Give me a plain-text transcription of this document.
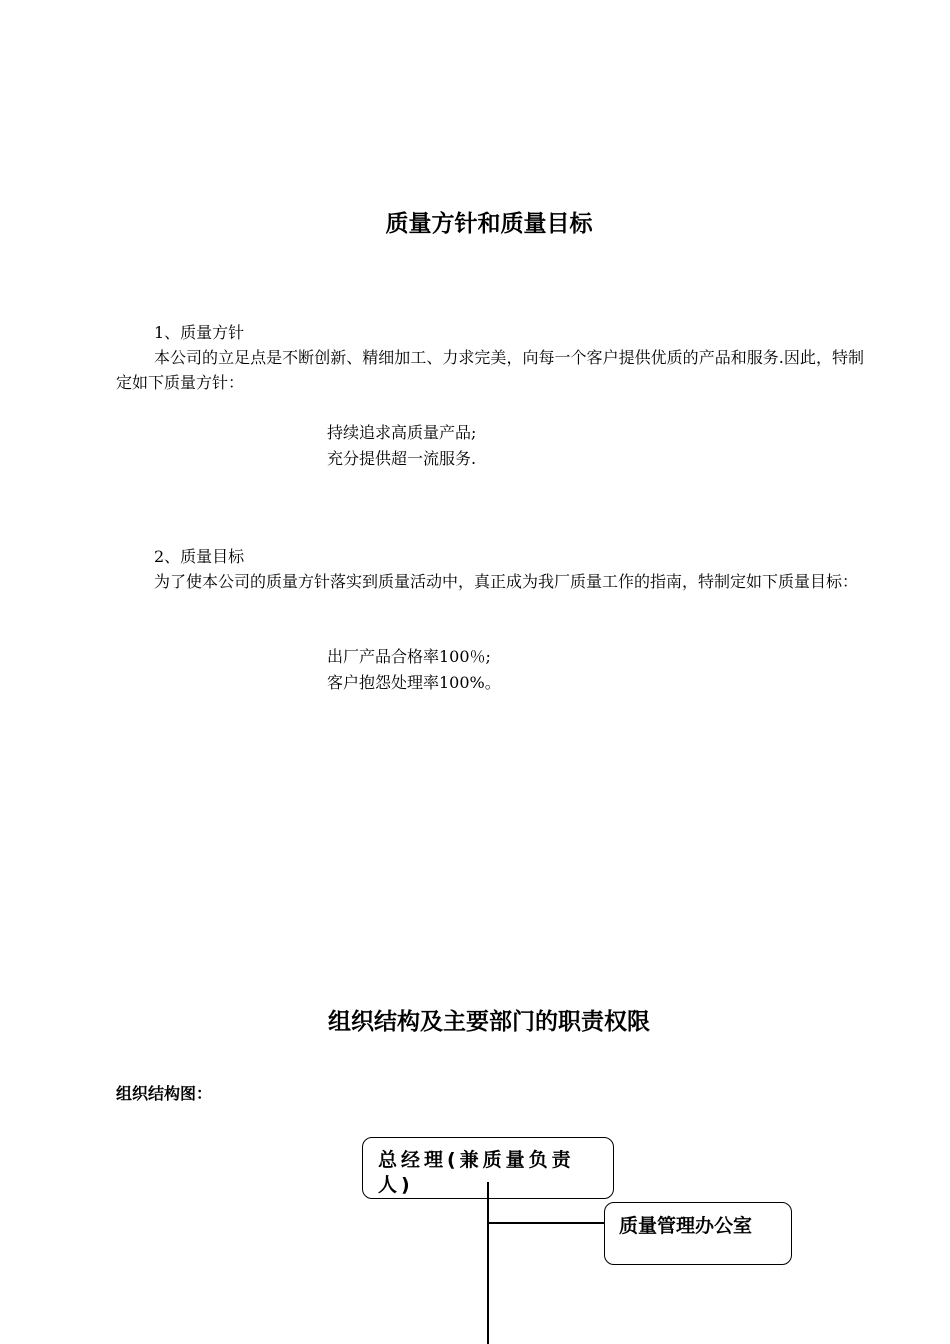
质量方针和质量目标
1、质量方针
本公司的立足点是不断创新、精细加工、力求完美，向每一个客户提供优质的产品和服务.因此，特制定如下质量方针：
持续追求高质量产品;
充分提供超一流服务.
2、质量目标
为了使本公司的质量方针落实到质量活动中，真正成为我厂质量工作的指南，特制定如下质量目标：
出厂产品合格率100％;
客户抱怨处理率100%。
组织结构及主要部门的职责权限
组织结构图：
总经理(兼质量负责人)
质量管理办公室
